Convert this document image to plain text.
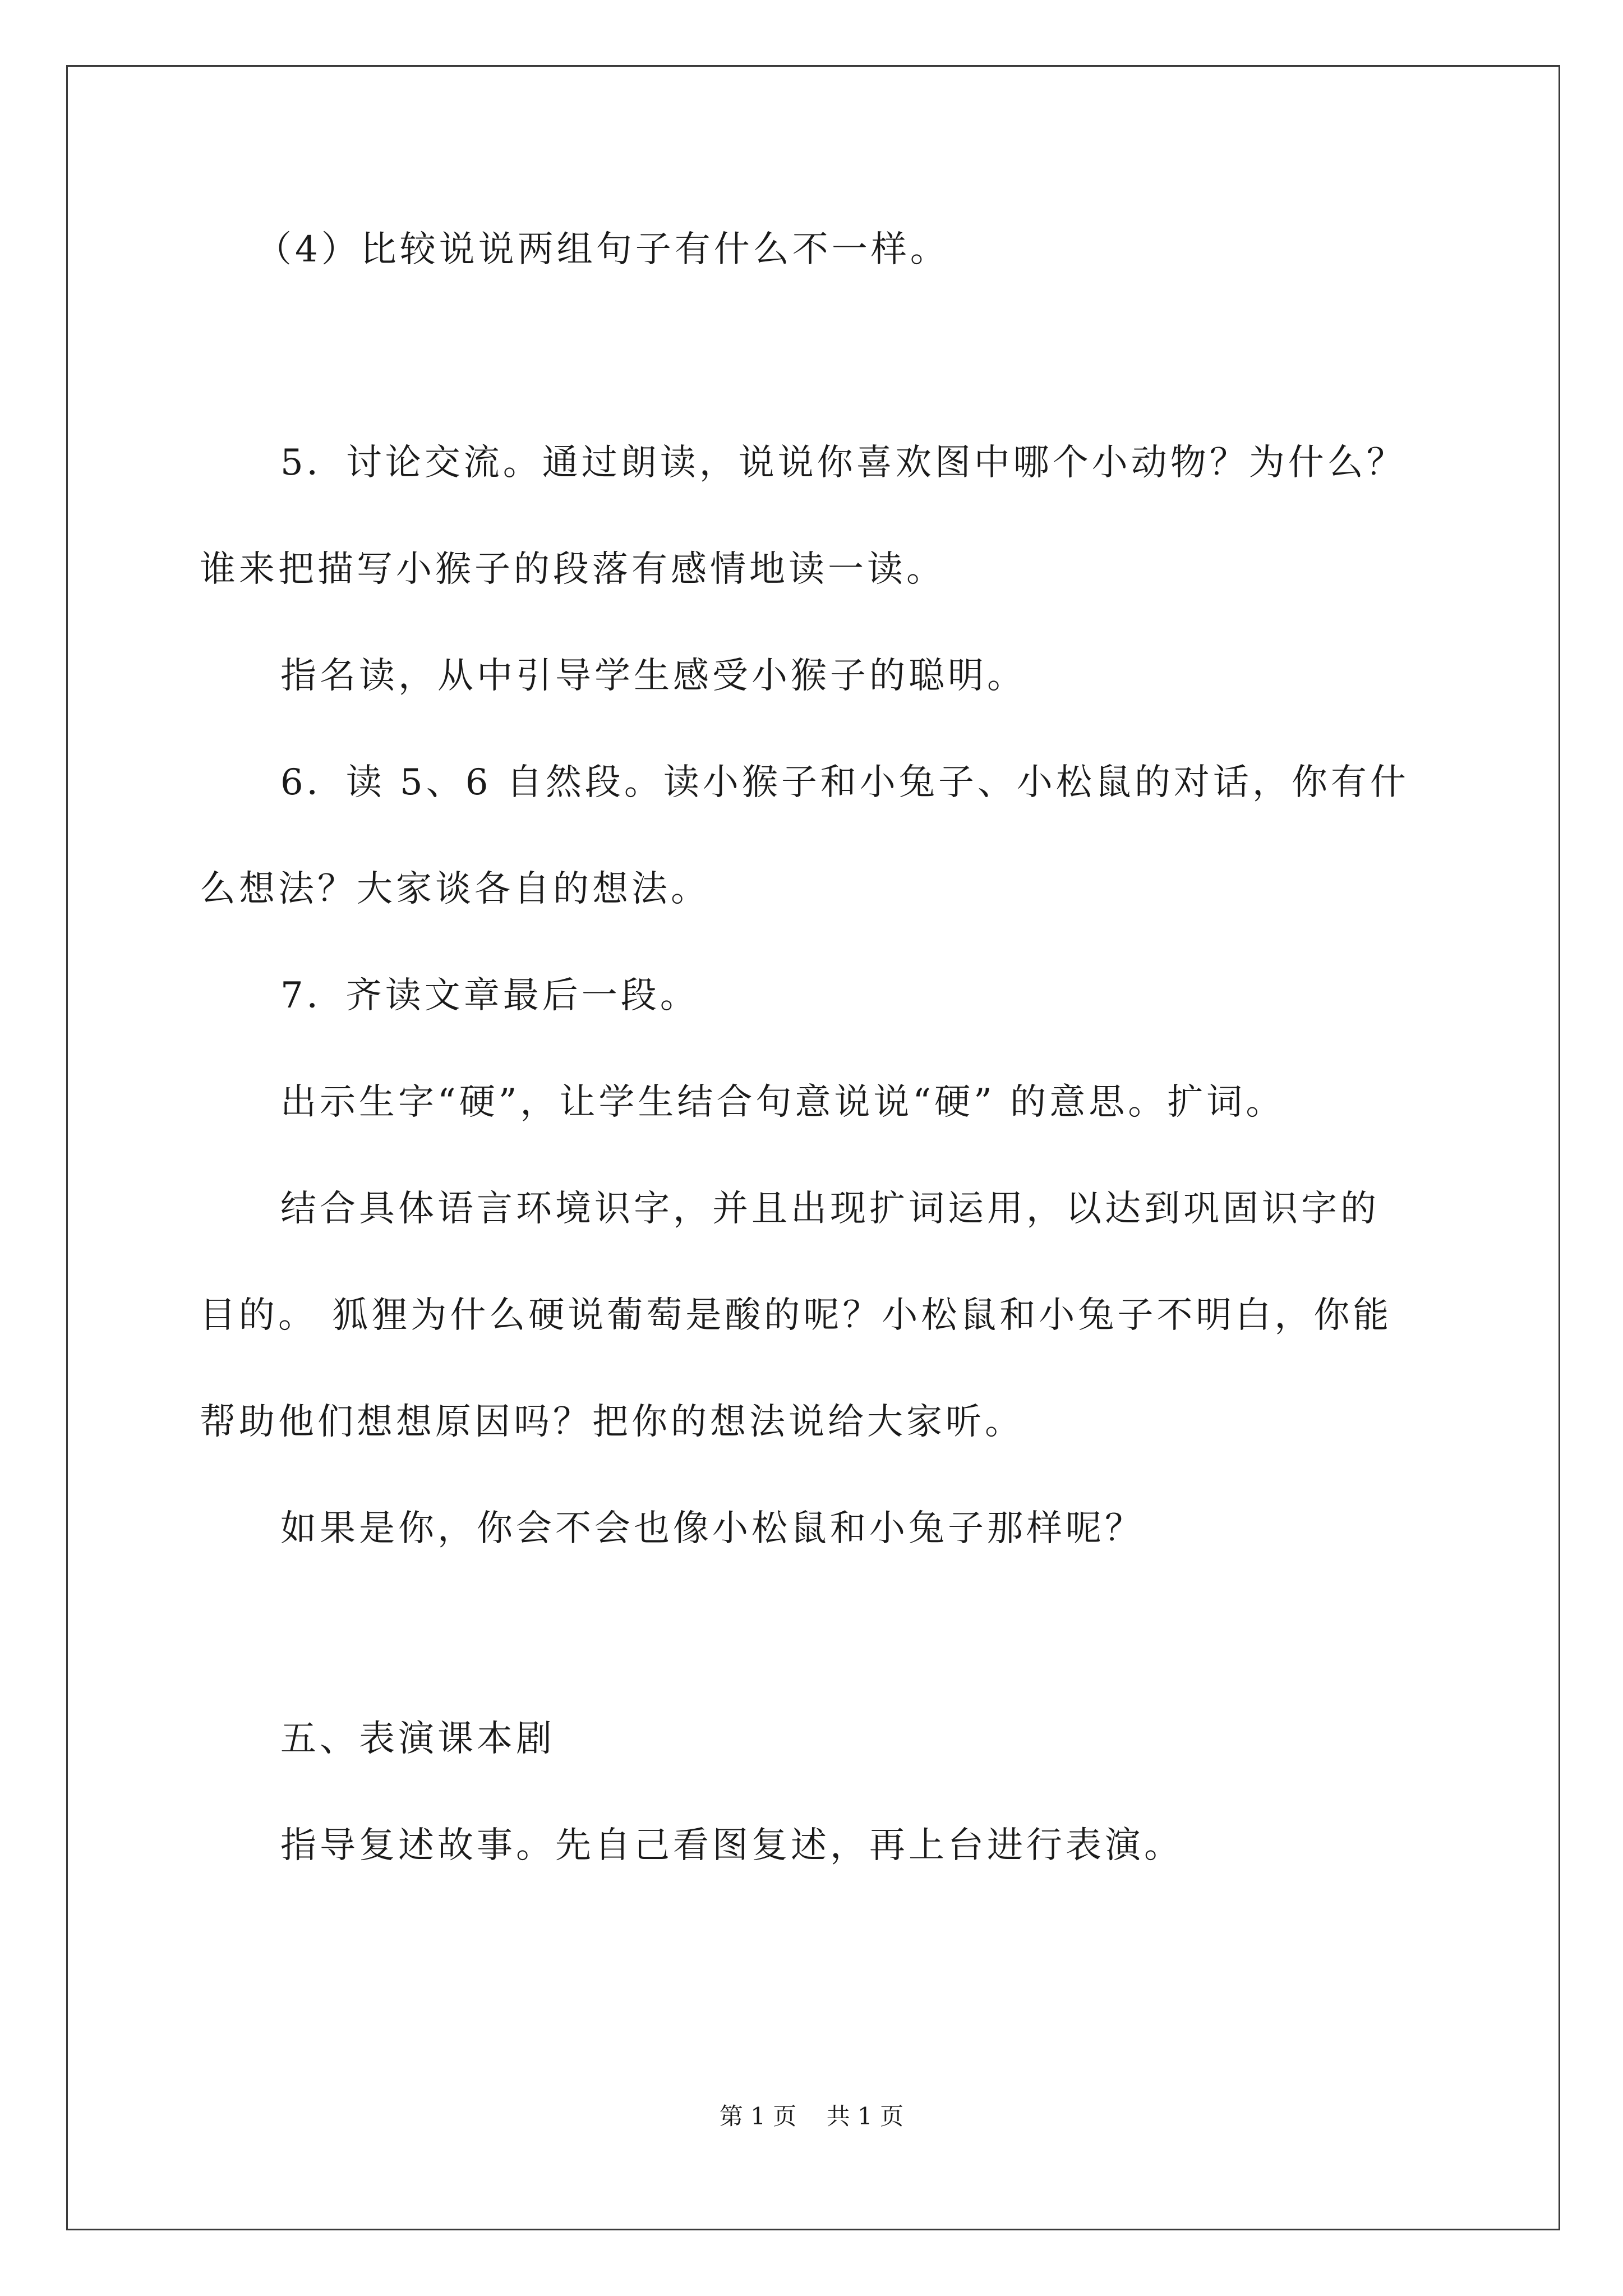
（4）比较说说两组句子有什么不一样。
5．讨论交流。通过朗读，说说你喜欢图中哪个小动物？为什么？
谁来把描写小猴子的段落有感情地读一读。
指名读，从中引导学生感受小猴子的聪明。
6．读 5、6 自然段。读小猴子和小兔子、小松鼠的对话，你有什
么想法？大家谈各自的想法。
7．齐读文章最后一段。
出示生字“硬”，让学生结合句意说说“硬” 的意思。扩词。
结合具体语言环境识字，并且出现扩词运用，以达到巩固识字的
目的。 狐狸为什么硬说葡萄是酸的呢？小松鼠和小兔子不明白，你能
帮助他们想想原因吗？把你的想法说给大家听。
如果是你，你会不会也像小松鼠和小兔子那样呢？
五、表演课本剧
指导复述故事。先自己看图复述，再上台进行表演。
第 1 页    共 1 页
